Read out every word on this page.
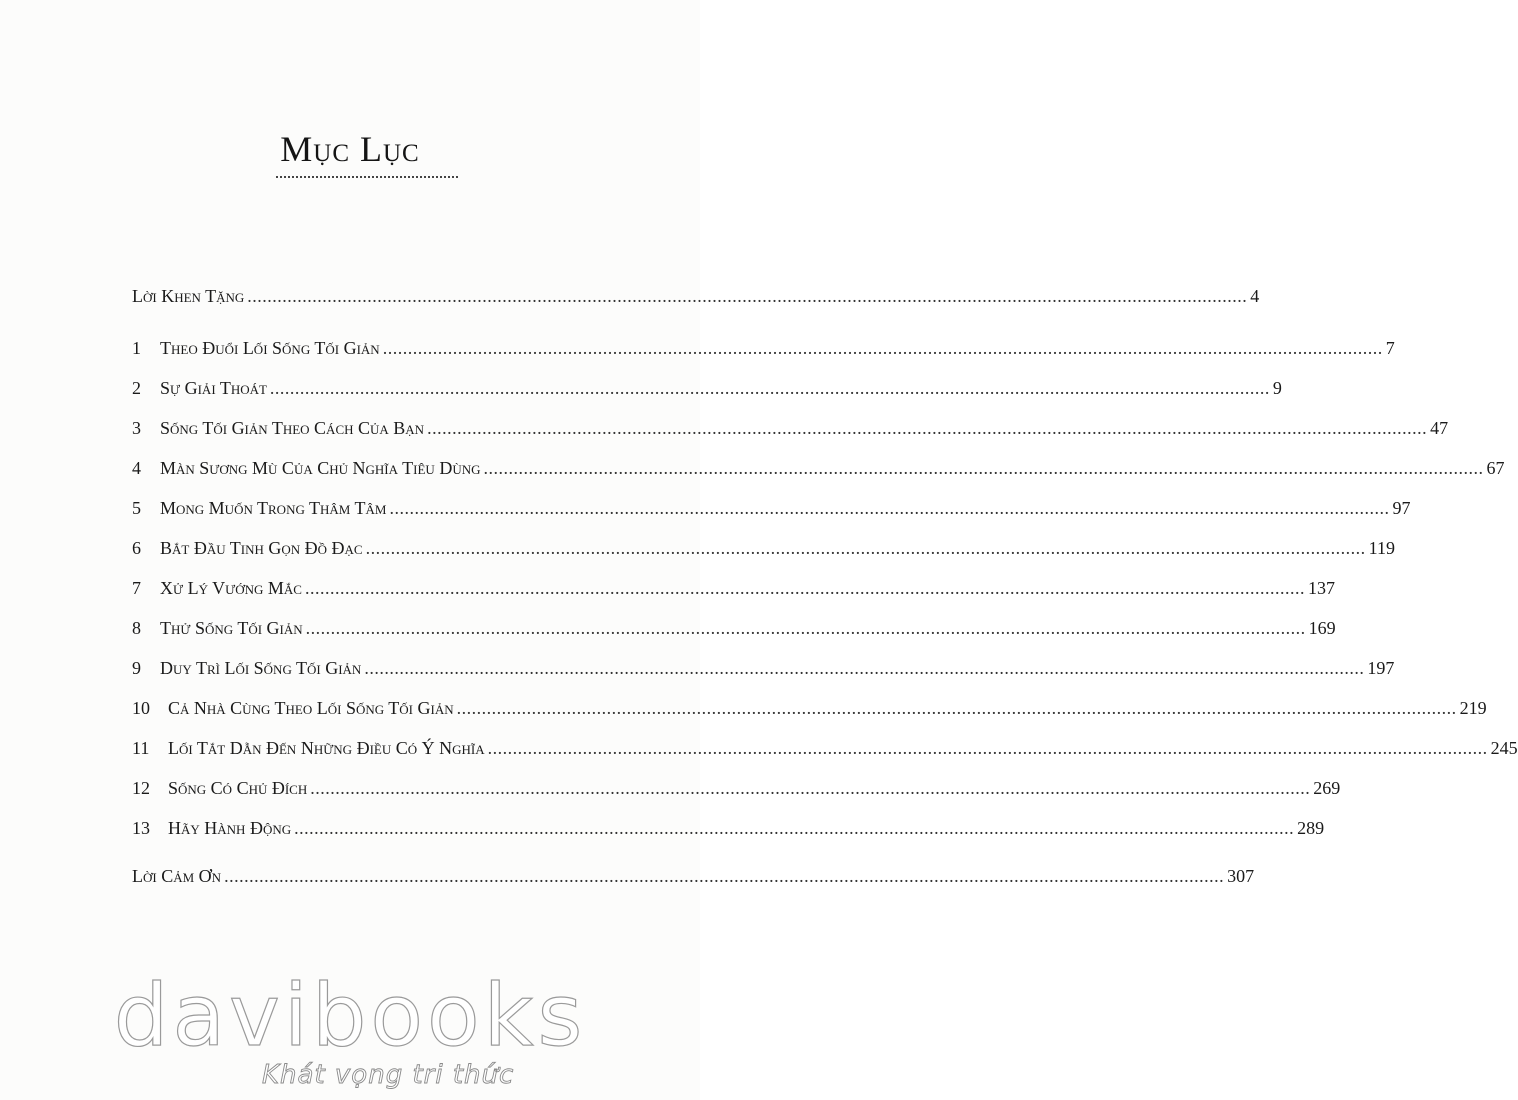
Mục Lục
Lời Khen Tặng ........................................................................................................................................................................................................ 4
1	Theo Đuổi Lối Sống Tối Giản ........................................................................................................................................................................................................ 7
2	Sự Giải Thoát ........................................................................................................................................................................................................ 9
3	Sống Tối Giản Theo Cách Của Bạn ........................................................................................................................................................................................................ 47
4	Màn Sương Mù Của Chủ Nghĩa Tiêu Dùng ........................................................................................................................................................................................................ 67
5	Mong Muốn Trong Thâm Tâm ........................................................................................................................................................................................................ 97
6	Bắt Đầu Tinh Gọn Đồ Đạc ........................................................................................................................................................................................................ 119
7	Xử Lý Vướng Mắc ........................................................................................................................................................................................................ 137
8	Thử Sống Tối Giản ........................................................................................................................................................................................................ 169
9	Duy Trì Lối Sống Tối Giản ........................................................................................................................................................................................................ 197
10	Cả Nhà Cùng Theo Lối Sống Tối Giản ........................................................................................................................................................................................................ 219
11	Lối Tắt Dẫn Đến Những Điều Có Ý Nghĩa ........................................................................................................................................................................................................ 245
12	Sống Có Chủ Đích ........................................................................................................................................................................................................ 269
13	Hãy Hành Động ........................................................................................................................................................................................................ 289
Lời Cảm Ơn ........................................................................................................................................................................................................ 307
davibooks
Khát vọng tri thức
